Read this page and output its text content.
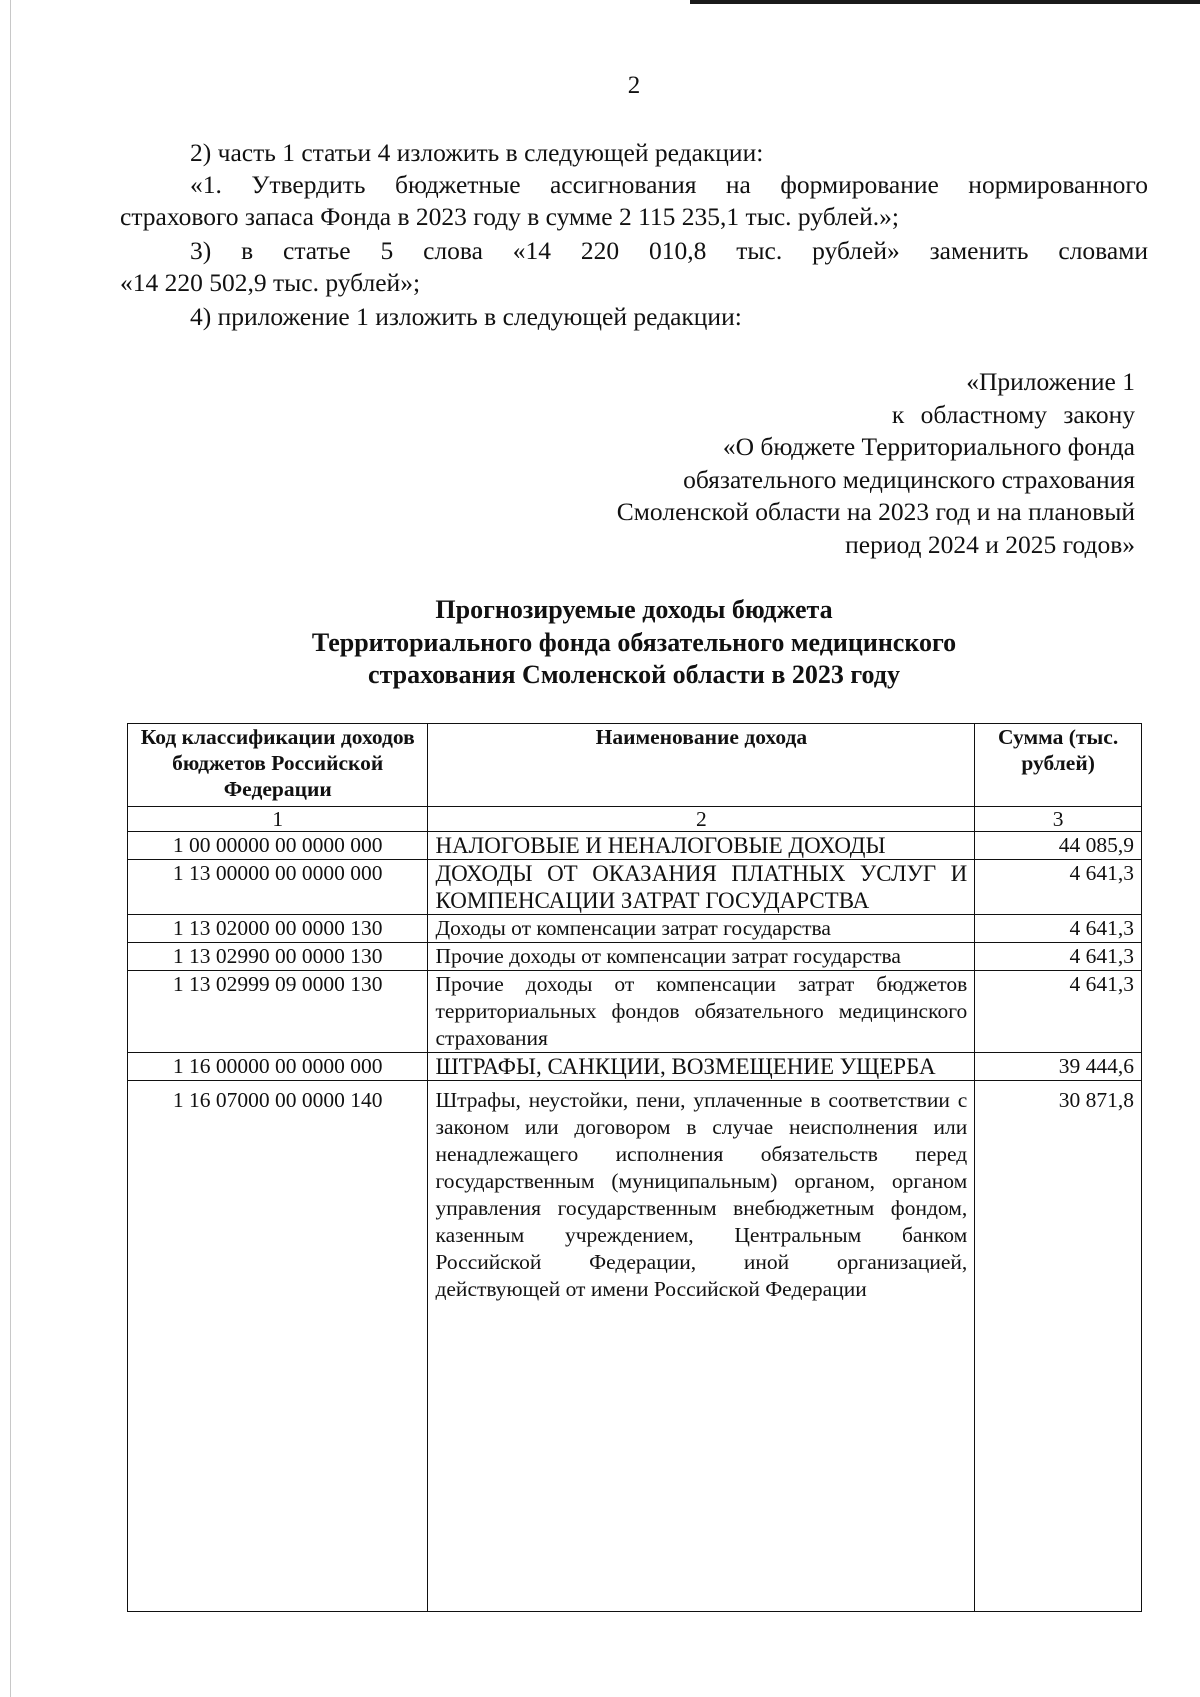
2
2) часть 1 статьи 4 изложить в следующей редакции:
«1. Утвердить бюджетные ассигнования на формирование нормированного
страхового запаса Фонда в 2023 году в сумме 2 115 235,1 тыс. рублей.»;
3) в статье 5 слова «14 220 010,8 тыс. рублей» заменить словами
«14 220 502,9 тыс. рублей»;
4) приложение 1 изложить в следующей редакции:
«Приложение 1
к областному закону
«О бюджете Территориального фонда
обязательного медицинского страхования
Смоленской области на 2023 год и на плановый
период 2024 и 2025 годов»
Прогнозируемые доходы бюджета
Территориального фонда обязательного медицинского
страхования Смоленской области в 2023 году
Код классификации доходов бюджетов Российской Федерации	Наименование дохода	Сумма (тыс. рублей)
1	2	3
1 00 00000 00 0000 000	НАЛОГОВЫЕ И НЕНАЛОГОВЫЕ ДОХОДЫ	44 085,9
1 13 00000 00 0000 000	ДОХОДЫ ОТ ОКАЗАНИЯ ПЛАТНЫХ УСЛУГ И КОМПЕНСАЦИИ ЗАТРАТ ГОСУДАРСТВА	4 641,3
1 13 02000 00 0000 130	Доходы от компенсации затрат государства	4 641,3
1 13 02990 00 0000 130	Прочие доходы от компенсации затрат государства	4 641,3
1 13 02999 09 0000 130	Прочие доходы от компенсации затрат бюджетов территориальных фондов обязательного медицинского страхования	4 641,3
1 16 00000 00 0000 000	ШТРАФЫ, САНКЦИИ, ВОЗМЕЩЕНИЕ УЩЕРБА	39 444,6
1 16 07000 00 0000 140	Штрафы, неустойки, пени, уплаченные в соответствии с законом или договором в случае неисполнения или ненадлежащего исполнения обязательств перед государственным (муниципальным) органом, органом управления государственным внебюджетным фондом, казенным учреждением, Центральным банком Российской Федерации, иной организацией, действующей от имени Российской Федерации	30 871,8
